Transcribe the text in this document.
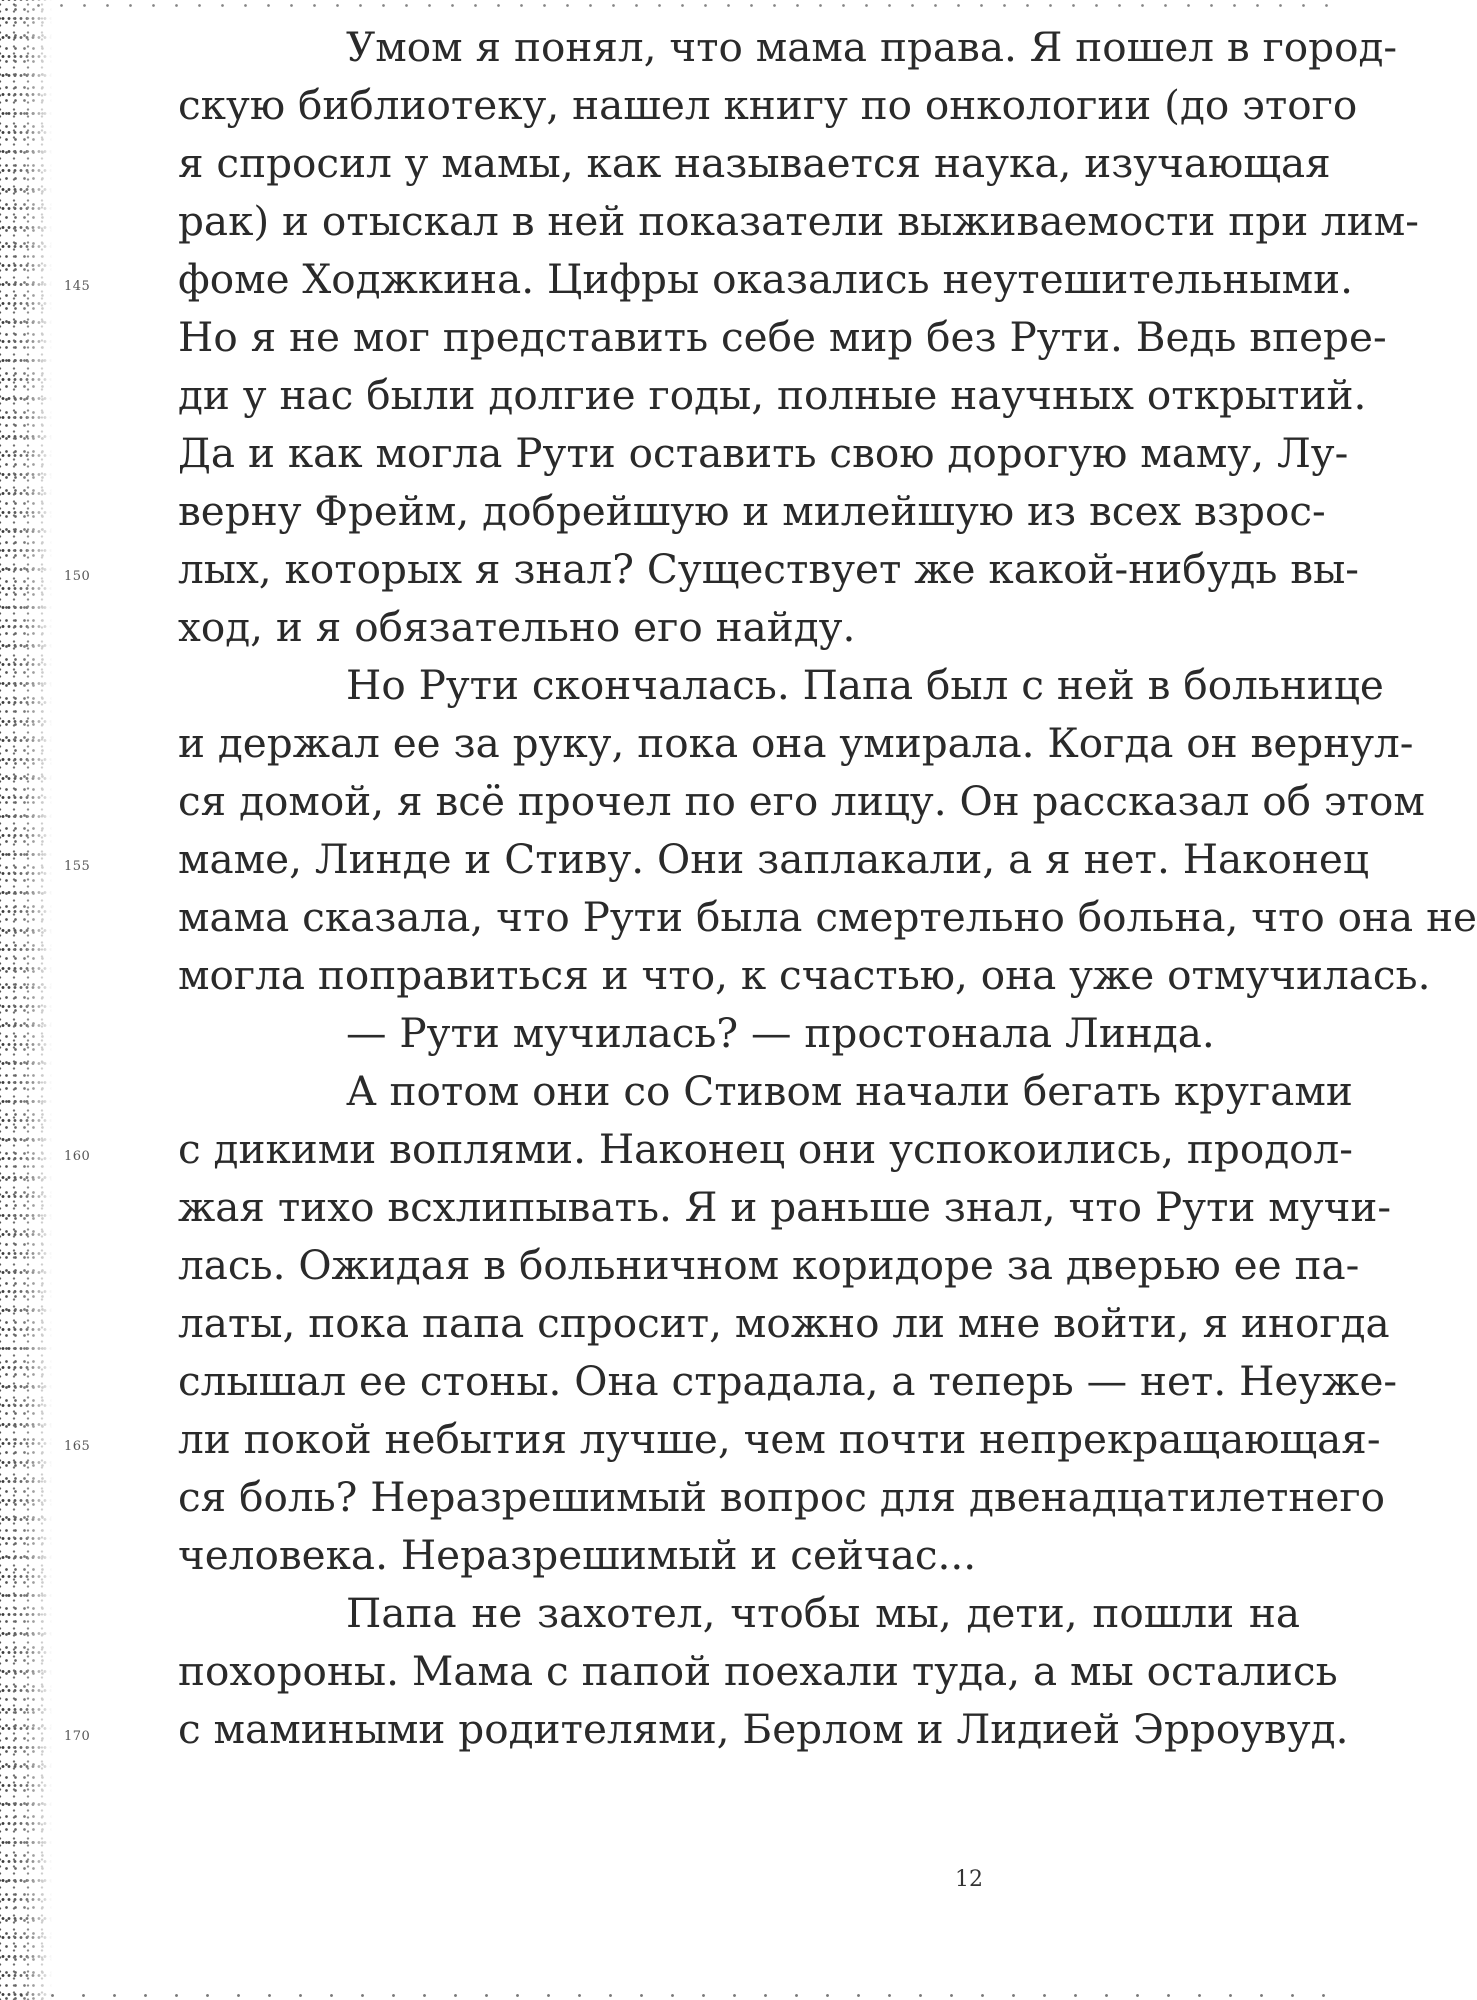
Умом я понял, что мама права. Я пошел в город-
скую библиотеку, нашел книгу по онкологии (до этого
я спросил у мамы, как называется наука, изучающая
рак) и отыскал в ней показатели выживаемости при лим-
фоме Ходжкина. Цифры оказались неутешительными.
Но я не мог представить себе мир без Рути. Ведь впере-
ди у нас были долгие годы, полные научных открытий.
Да и как могла Рути оставить свою дорогую маму, Лу-
верну Фрейм, добрейшую и милейшую из всех взрос-
лых, которых я знал? Существует же какой-нибудь вы-
ход, и я обязательно его найду.
Но Рути скончалась. Папа был с ней в больнице
и держал ее за руку, пока она умирала. Когда он вернул-
ся домой, я всё прочел по его лицу. Он рассказал об этом
маме, Линде и Стиву. Они заплакали, а я нет. Наконец
мама сказала, что Рути была смертельно больна, что она не
могла поправиться и что, к счастью, она уже отмучилась.
— Рути мучилась? — простонала Линда.
А потом они со Стивом начали бегать кругами
с дикими воплями. Наконец они успокоились, продол-
жая тихо всхлипывать. Я и раньше знал, что Рути мучи-
лась. Ожидая в больничном коридоре за дверью ее па-
латы, пока папа спросит, можно ли мне войти, я иногда
слышал ее стоны. Она страдала, а теперь — нет. Неуже-
ли покой небытия лучше, чем почти непрекращающая-
ся боль? Неразрешимый вопрос для двенадцатилетнего
человека. Неразрешимый и сейчас...
Папа не захотел, чтобы мы, дети, пошли на
похороны. Мама с папой поехали туда, а мы остались
с мамиными родителями, Берлом и Лидией Эрроувуд.
145
150
155
160
165
170
12
